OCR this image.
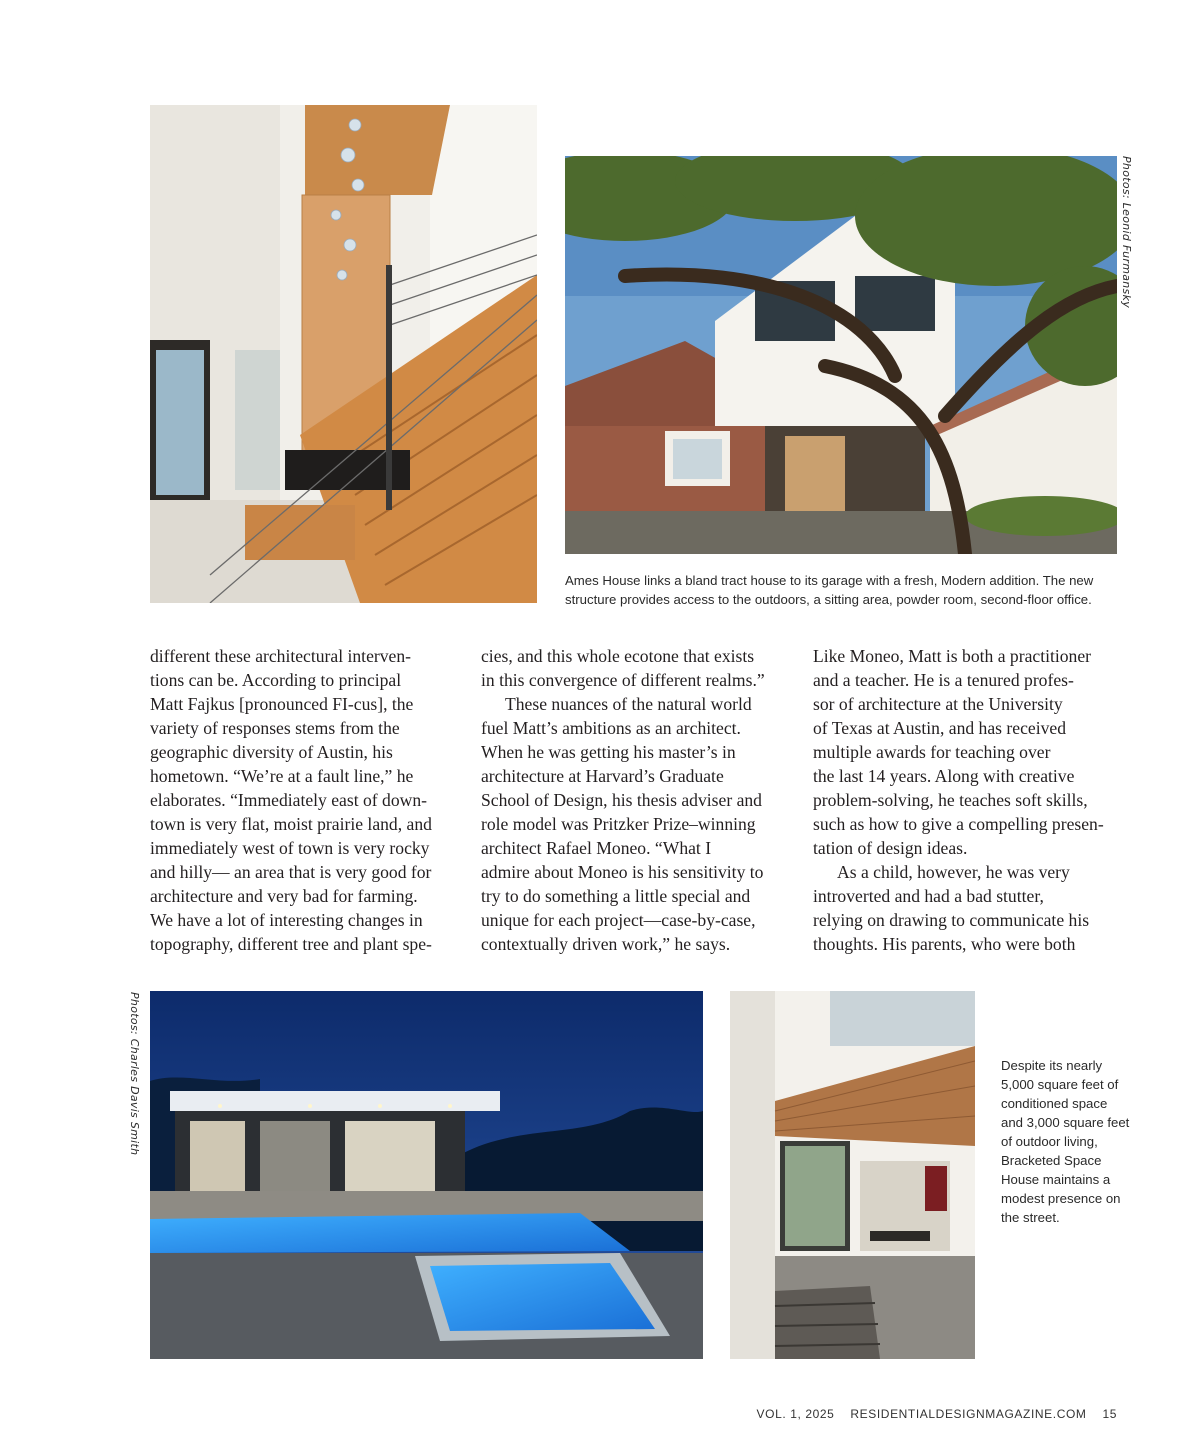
Photos: Leonid Furmansky
Ames House links a bland tract house to its garage with a fresh, Modern addition. The new structure provides access to the outdoors, a sitting area, powder room, second-floor office.
different these architectural interven-
tions can be. According to principal
Matt Fajkus [pronounced FI-cus], the
variety of responses stems from the
geographic diversity of Austin, his
hometown. “We’re at a fault line,” he
elaborates. “Immediately east of down-
town is very flat, moist prairie land, and
immediately west of town is very rocky
and hilly— an area that is very good for
architecture and very bad for farming.
We have a lot of interesting changes in
topography, different tree and plant spe-
cies, and this whole ecotone that exists
in this convergence of different realms.”
These nuances of the natural world
fuel Matt’s ambitions as an architect.
When he was getting his master’s in
architecture at Harvard’s Graduate
School of Design, his thesis adviser and
role model was Pritzker Prize–winning
architect Rafael Moneo. “What I
admire about Moneo is his sensitivity to
try to do something a little special and
unique for each project—case-by-case,
contextually driven work,” he says.
Like Moneo, Matt is both a practitioner
and a teacher. He is a tenured profes-
sor of architecture at the University
of Texas at Austin, and has received
multiple awards for teaching over
the last 14 years. Along with creative
problem-solving, he teaches soft skills,
such as how to give a compelling presen-
tation of design ideas.
As a child, however, he was very
introverted and had a bad stutter,
relying on drawing to communicate his
thoughts. His parents, who were both
Photos: Charles Davis Smith	Despite its nearly 5,000 square feet of conditioned space and 3,000 square feet of outdoor living, Bracketed Space House maintains a modest presence on the street.
VOL. 1, 2025 RESIDENTIALDESIGNMAGAZINE.COM 15
